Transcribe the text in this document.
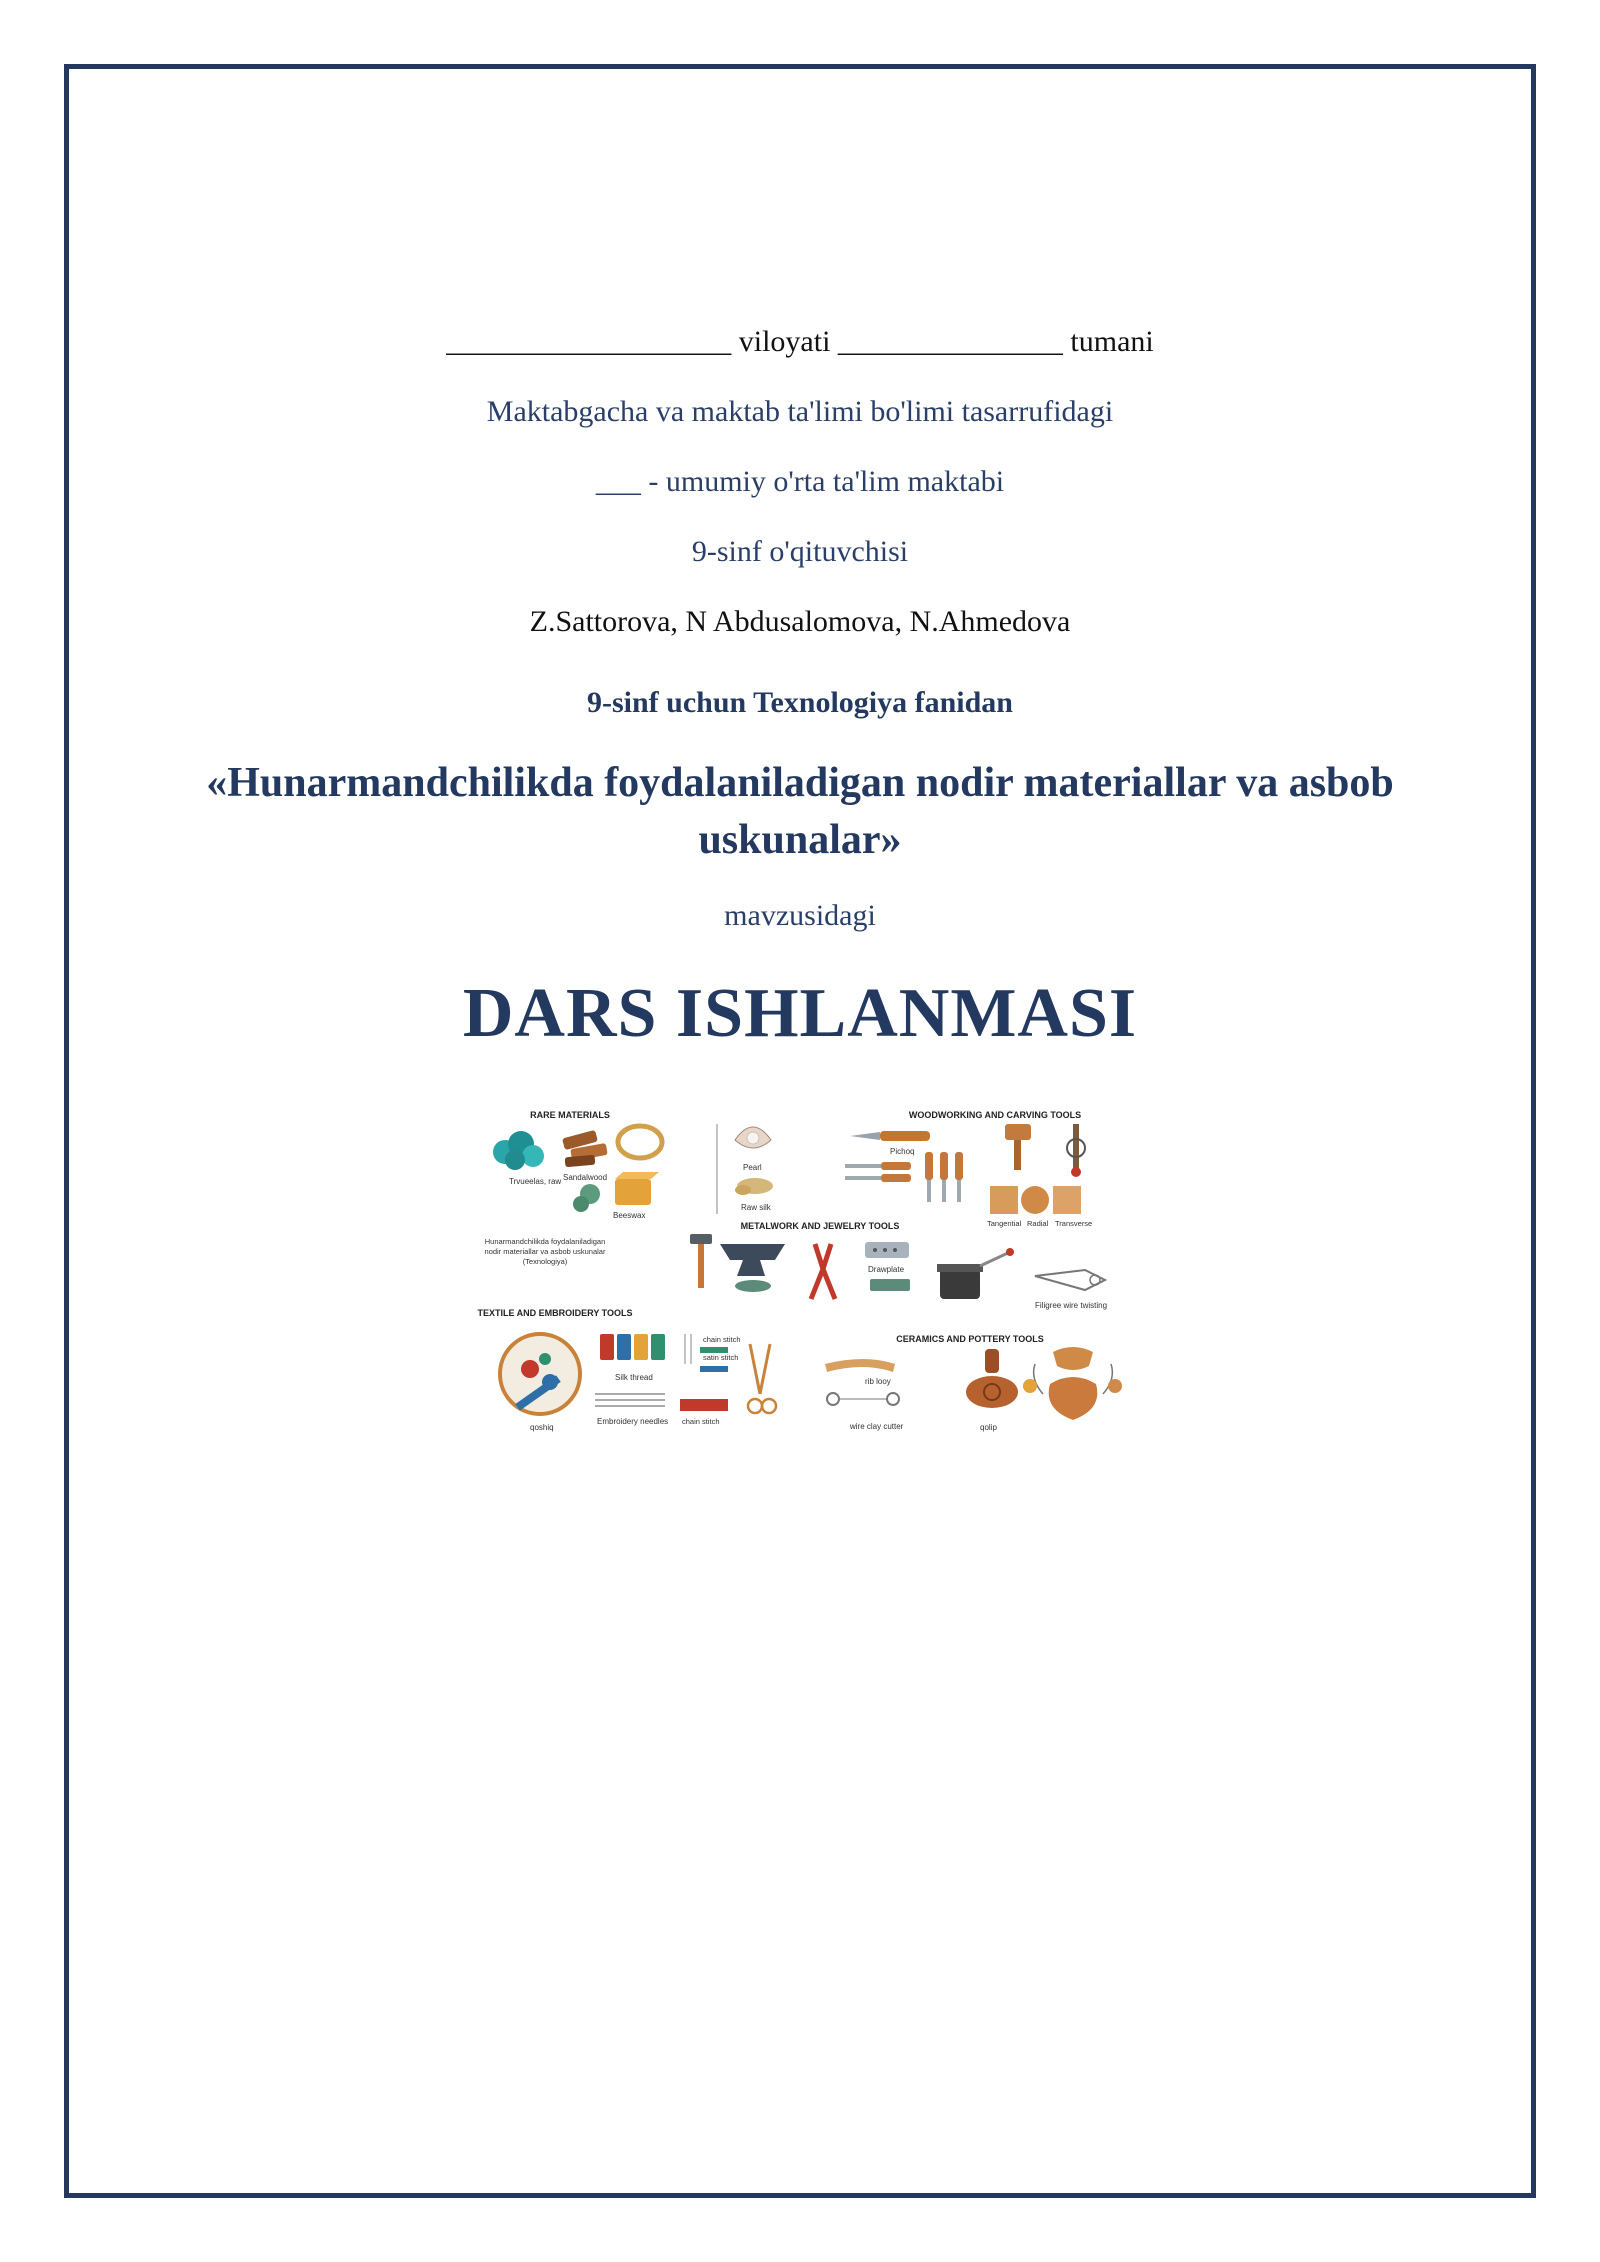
___________________ viloyati _______________ tumani
Maktabgacha va maktab ta'limi bo'limi tasarrufidagi
___ - umumiy o'rta ta'lim maktabi
9-sinf o'qituvchisi
Z.Sattorova, N Abdusalomova, N.Ahmedova
9-sinf uchun Texnologiya fanidan
«Hunarmandchilikda foydalaniladigan nodir materiallar va asbob uskunalar»
mavzusidagi
DARS ISHLANMASI
RARE MATERIALS
Trvueelas, raw Sandalwood
Beeswax
Pearl
Raw silk
WOODWORKING AND CARVING TOOLS
Pichoq
Tangential Radial Transverse
Hunarmandchilikda foydalaniladigan
nodir materiallar va asbob uskunalar
(Texnologiya)
METALWORK AND JEWELRY TOOLS
Drawplate
Filigree wire twisting
TEXTILE AND EMBROIDERY TOOLS
qoshiq
Silk thread
Embroidery needles
chain stitch
satin stitch
chain stitch
CERAMICS AND POTTERY TOOLS
rib looy
wire clay cutter	qolip
